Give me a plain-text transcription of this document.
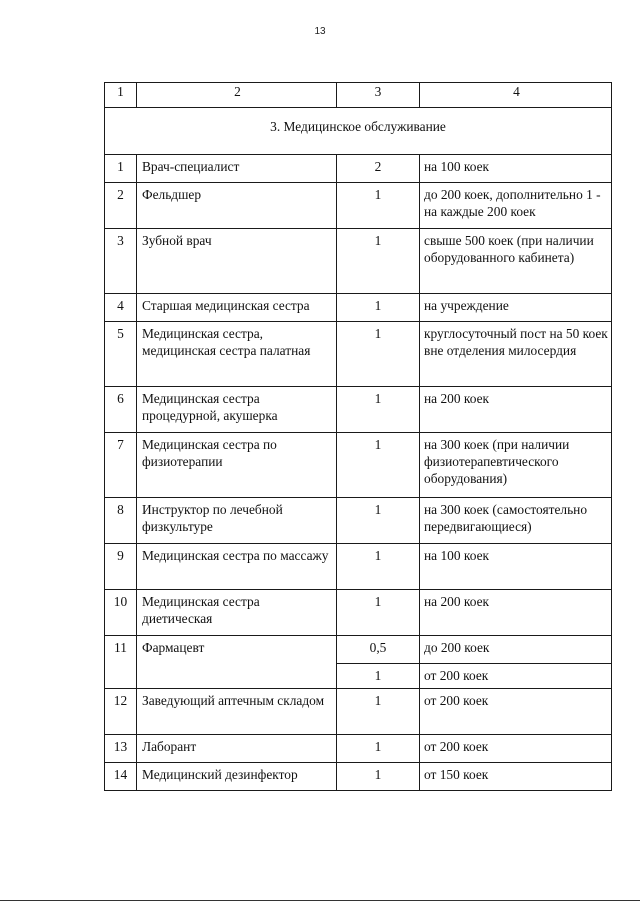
13
1	2	3	4
3. Медицинское обслуживание			
1	Врач-специалист	2	на 100 коек
2	Фельдшер	1	до 200 коек, дополнительно 1 - на каждые 200 коек
3	Зубной врач	1	свыше 500 коек (при наличии оборудованного кабинета)
4	Старшая медицинская сестра	1	на учреждение
5	Медицинская сестра, медицинская сестра палатная	1	круглосуточный пост на 50 коек вне отделения милосердия
6	Медицинская сестра процедурной, акушерка	1	на 200 коек
7	Медицинская сестра по физиотерапии	1	на 300 коек (при наличии физиотерапевтического оборудования)
8	Инструктор по лечебной физкультуре	1	на 300 коек (самостоятельно передвигающиеся)
9	Медицинская сестра по массажу	1	на 100 коек
10	Медицинская сестра диетическая	1	на 200 коек
11	Фармацевт	0,5	до 200 коек
		1	от 200 коек
12	Заведующий аптечным складом	1	от 200 коек
13	Лаборант	1	от 200 коек
14	Медицинский дезинфектор	1	от 150 коек
